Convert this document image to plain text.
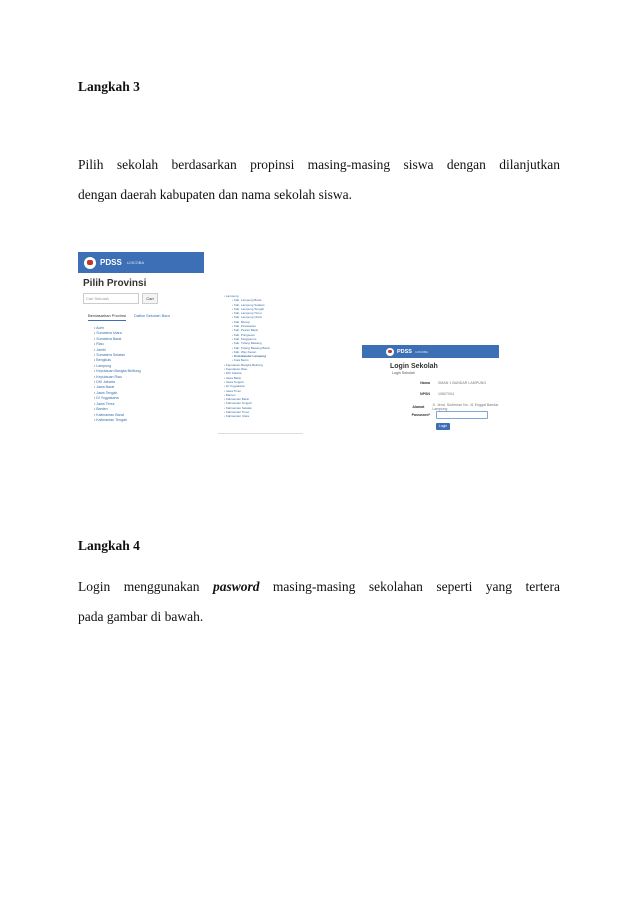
Langkah 3
Pilih sekolah berdasarkan propinsi masing-masing siswa dengan dilanjutkan
dengan daerah kabupaten dan nama sekolah siswa.
PDSS UJICOBA
Pilih Provinsi
Cari Sekolah	Cari
Berdasarkan Provinsi Daftar Sekolah Baru
• Aceh
• Sumatera Utara
• Sumatera Barat
• Riau
• Jambi
• Sumatera Selatan
• Bengkulu
• Lampung
• Kepulauan Bangka Belitung
• Kepulauan Riau
• DKI Jakarta
• Jawa Barat
• Jawa Tengah
• DI Yogyakarta
• Jawa Timur
• Banten
• Kalimantan Barat
• Kalimantan Tengah
• Lampung
• Kab. Lampung Barat
• Kab. Lampung Selatan
• Kab. Lampung Tengah
• Kab. Lampung Timur
• Kab. Lampung Utara
• Kab. Mesuji
• Kab. Pesawaran
• Kab. Pesisir Barat
• Kab. Pringsewu
• Kab. Tanggamus
• Kab. Tulang Bawang
• Kab. Tulang Bawang Barat
• Kab. Way Kanan
• Kota Bandar Lampung
• Kota Metro
• Kepulauan Bangka Belitung
• Kepulauan Riau
• DKI Jakarta
• Jawa Barat
• Jawa Tengah
• DI Yogyakarta
• Jawa Timur
• Banten
• Kalimantan Barat
• Kalimantan Tengah
• Kalimantan Selatan
• Kalimantan Timur
• Kalimantan Utara
PDSS UJICOBA
Login Sekolah
Login Sekolah
Nama SMAN 1 BANDAR LAMPUNG
NPSN 10807004
Alamat Jl. Jend. Sudirman No. 41 Enggal Bandar Lampung
Password*
Login
Langkah 4
Login menggunakan pasword masing-masing sekolahan seperti yang tertera
pada gambar di bawah.
